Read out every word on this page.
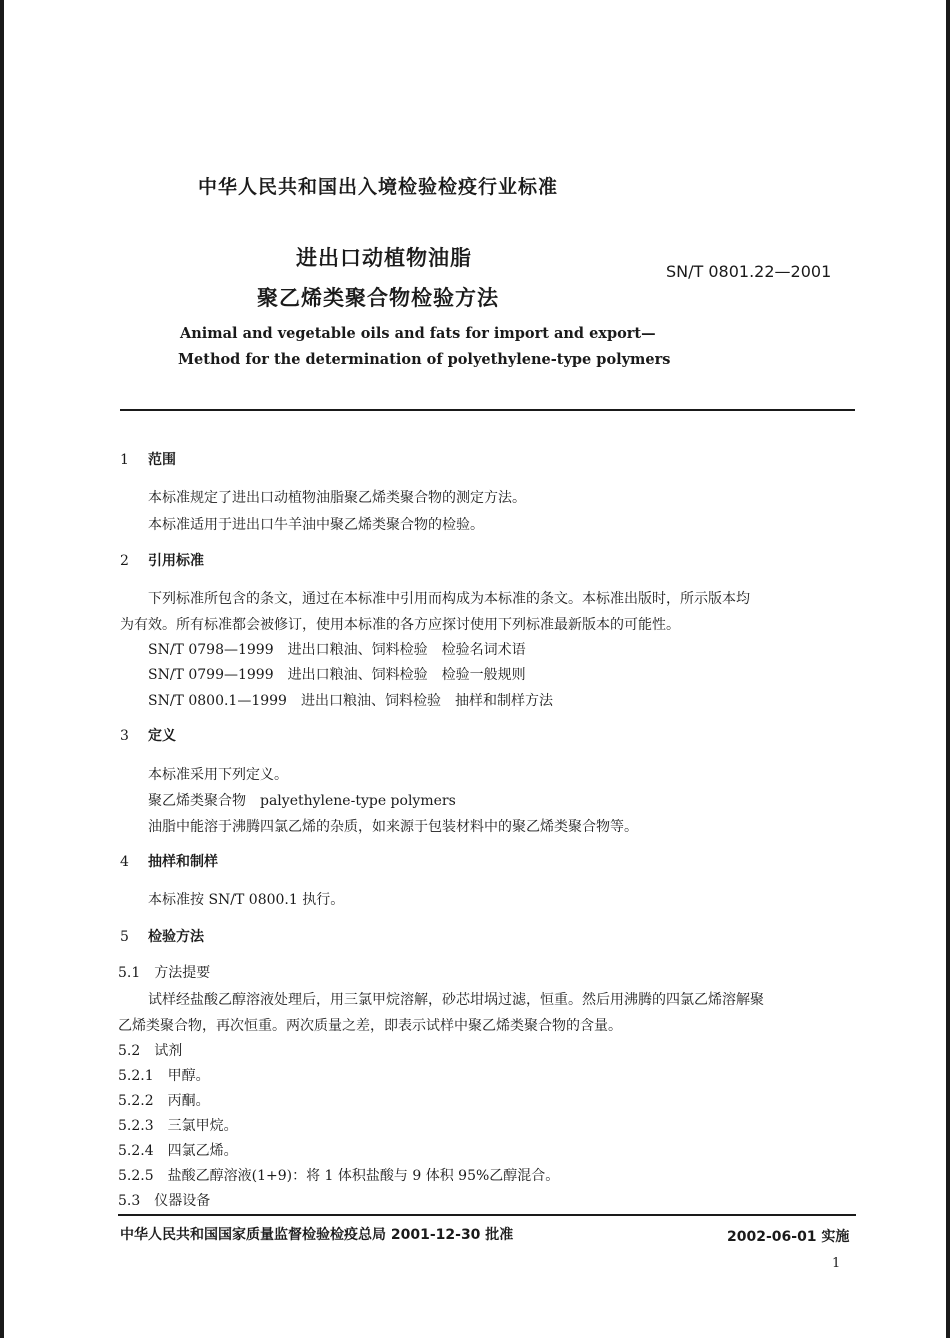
中华人民共和国出入境检验检疫行业标准
进出口动植物油脂
聚乙烯类聚合物检验方法
SN/T 0801.22—2001
Animal and vegetable oils and fats for import and export—
Method for the determination of polyethylene-type polymers
1 范围
本标准规定了进出口动植物油脂聚乙烯类聚合物的测定方法。
本标准适用于进出口牛羊油中聚乙烯类聚合物的检验。
2 引用标准
下列标准所包含的条文，通过在本标准中引用而构成为本标准的条文。本标准出版时，所示版本均
为有效。所有标准都会被修订，使用本标准的各方应探讨使用下列标准最新版本的可能性。
SN/T 0798—1999　进出口粮油、饲料检验　检验名词术语
SN/T 0799—1999　进出口粮油、饲料检验　检验一般规则
SN/T 0800.1—1999　进出口粮油、饲料检验　抽样和制样方法
3 定义
本标准采用下列定义。
聚乙烯类聚合物　palyethylene-type polymers
油脂中能溶于沸腾四氯乙烯的杂质，如来源于包装材料中的聚乙烯类聚合物等。
4 抽样和制样
本标准按 SN/T 0800.1 执行。
5 检验方法
5.1　方法提要
试样经盐酸乙醇溶液处理后，用三氯甲烷溶解，砂芯坩埚过滤，恒重。然后用沸腾的四氯乙烯溶解聚
乙烯类聚合物，再次恒重。两次质量之差，即表示试样中聚乙烯类聚合物的含量。
5.2　试剂
5.2.1　甲醇。
5.2.2　丙酮。
5.2.3　三氯甲烷。
5.2.4　四氯乙烯。
5.2.5　盐酸乙醇溶液(1+9)：将 1 体积盐酸与 9 体积 95%乙醇混合。
5.3　仪器设备
中华人民共和国国家质量监督检验检疫总局 2001-12-30 批准	2002-06-01 实施
1
